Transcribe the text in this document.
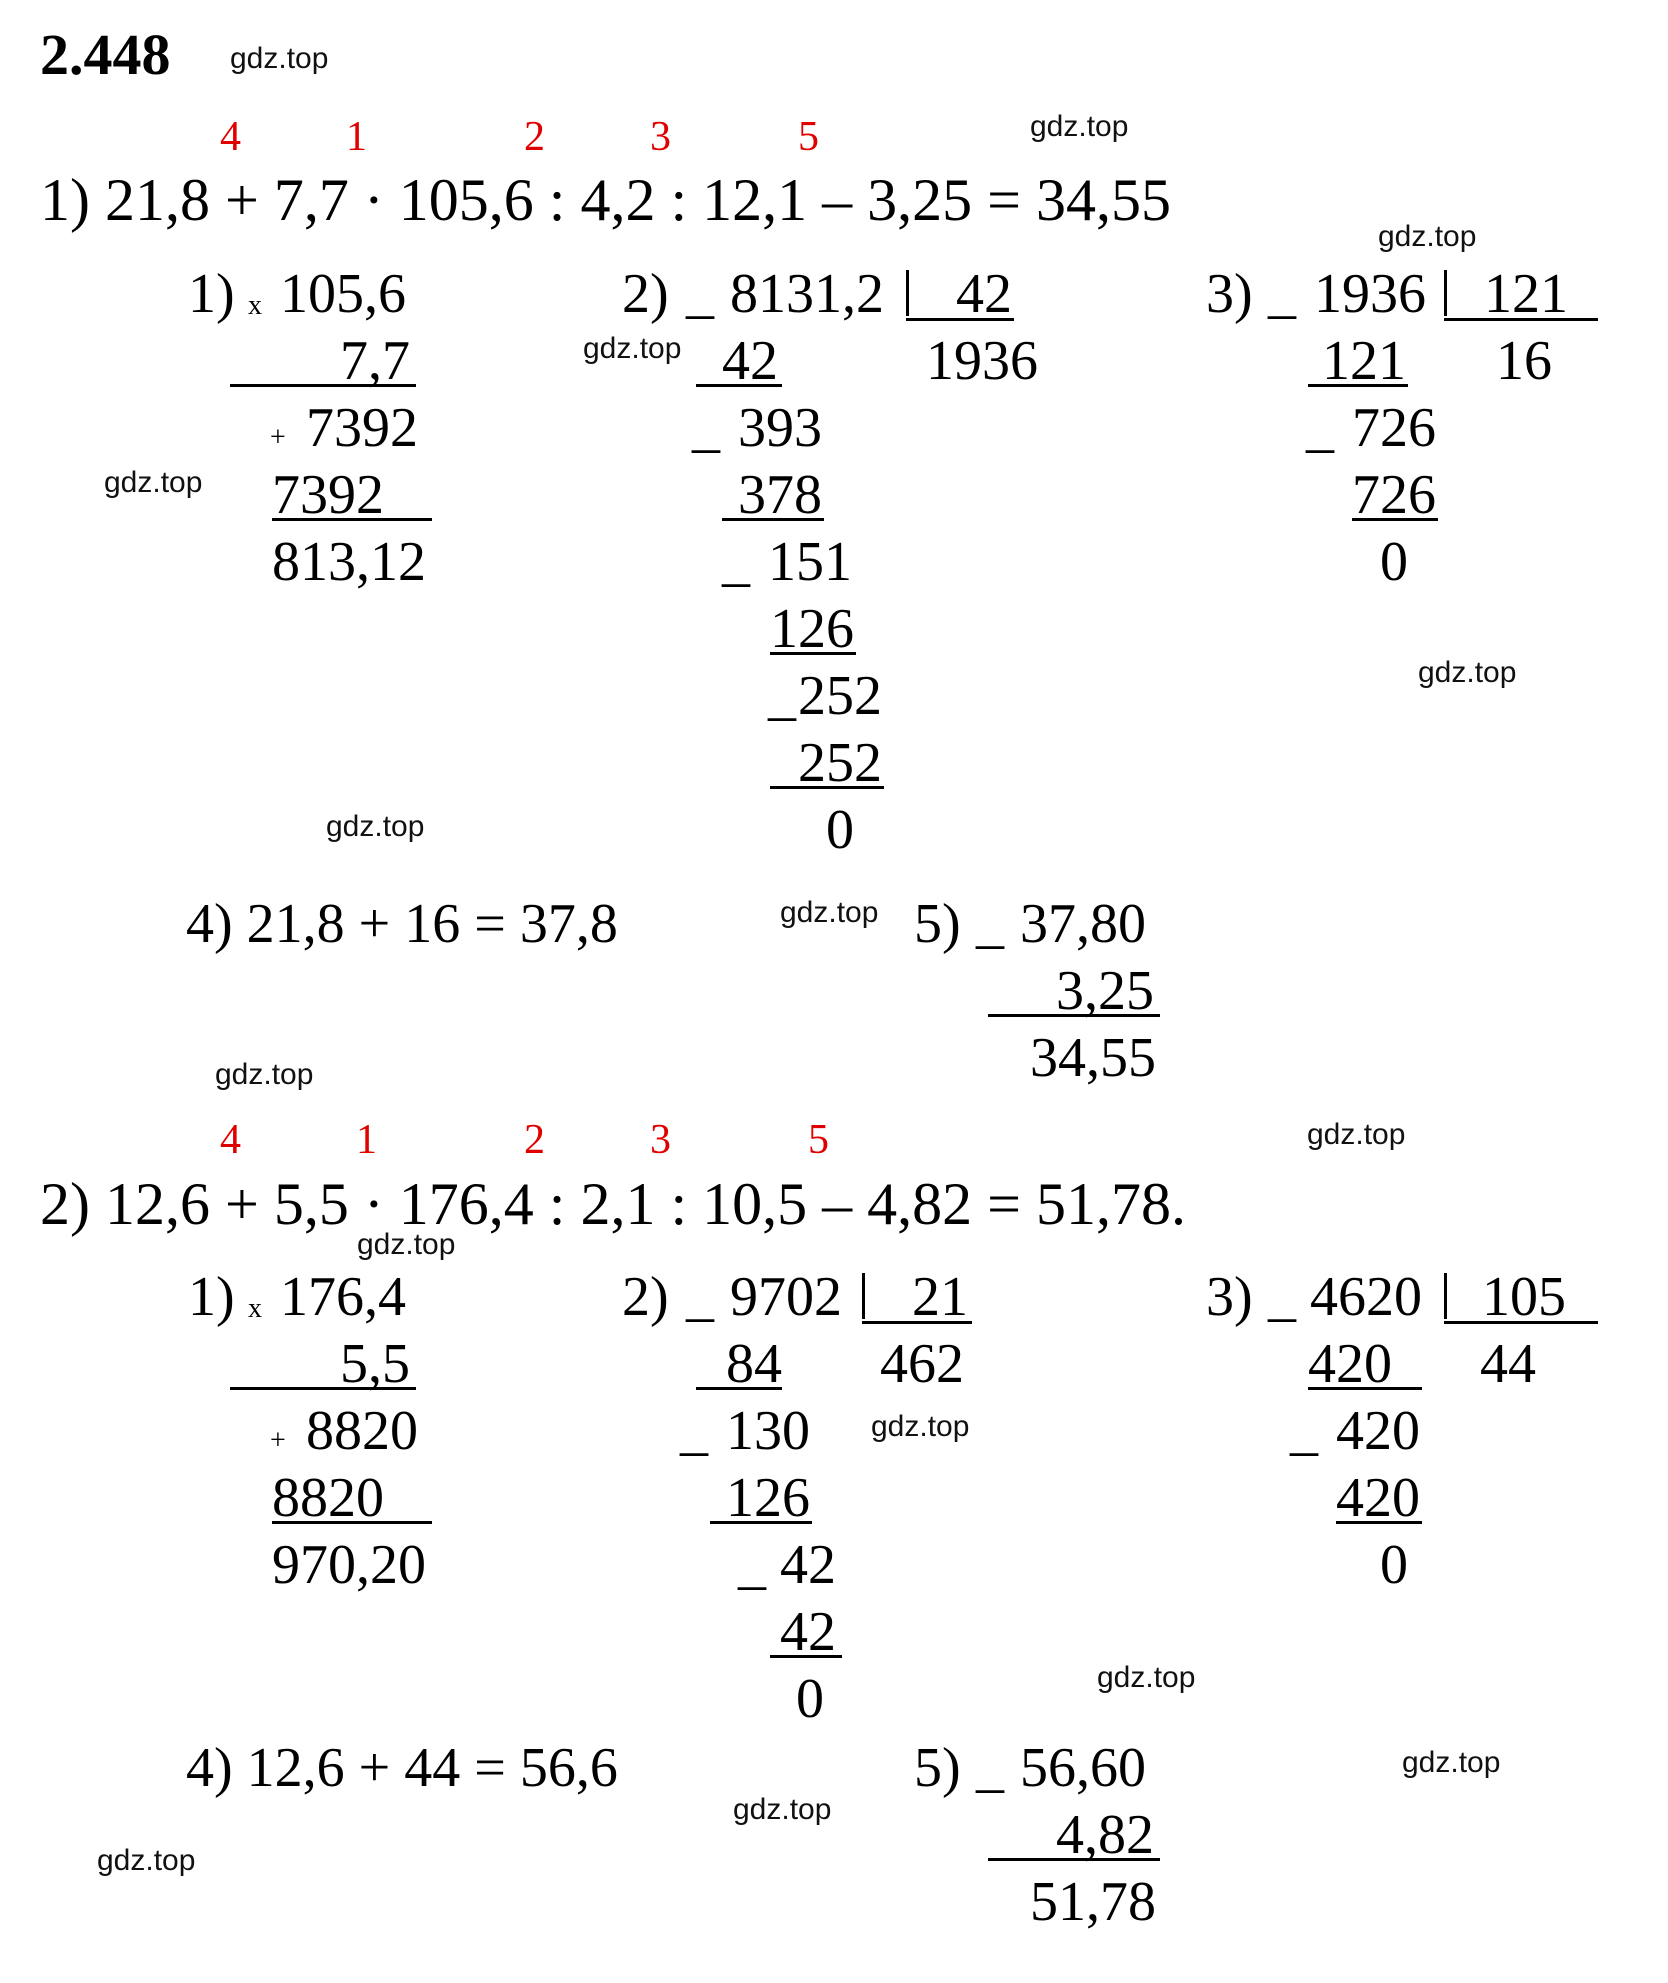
2.448 gdz.top
gdz.top
gdz.top
gdz.top
gdz.top
gdz.top
gdz.top
gdz.top
gdz.top
gdz.top
gdz.top
gdz.top
gdz.top
gdz.top
gdz.top
gdz.top
4	1	2	3	5
1) 21,8 + 7,7 · 105,6 : 4,2 : 12,1 – 3,25 = 34,55
1) x 105,6
7,7
+ 7392
7392
813,12
2) _ 8131,2 42
1936
42
_ 393
378
_ 151
126
_ 252
252
0
3) _ 1936 121
16
121
_ 726
726
0
4) 21,8 + 16 = 37,8	5) _ 37,80
3,25
34,55
4	1	2	3	5
2) 12,6 + 5,5 · 176,4 : 2,1 : 10,5 – 4,82 = 51,78.
1) x 176,4
5,5
+ 8820
8820
970,20
2) _ 9702 21
462
84
_ 130
126
_ 42
42
0
3) _ 4620 105
44
420
_ 420
420
0
4) 12,6 + 44 = 56,6	5) _ 56,60
4,82
51,78
